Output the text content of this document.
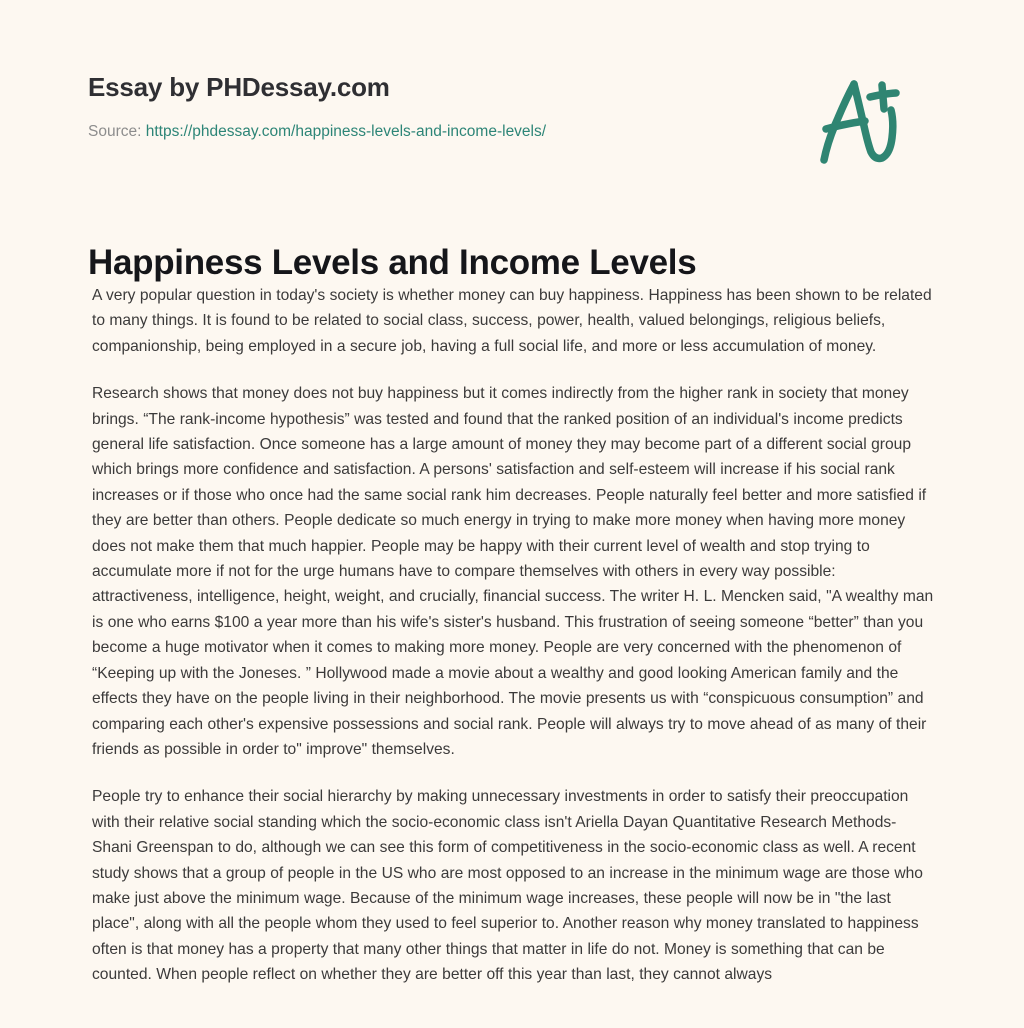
Essay by PHDessay.com
Source: https://phdessay.com/happiness-levels-and-income-levels/
Happiness Levels and Income Levels

A very popular question in today's society is whether money can buy happiness. Happiness has been shown to be related to many things. It is found to be related to social class, success, power, health, valued belongings, religious beliefs, companionship, being employed in a secure job, having a full social life, and more or less accumulation of money.

Research shows that money does not buy happiness but it comes indirectly from the higher rank in society that money brings. “The rank-income hypothesis” was tested and found that the ranked position of an individual's income predicts general life satisfaction. Once someone has a large amount of money they may become part of a different social group which brings more confidence and satisfaction. A persons' satisfaction and self-esteem will increase if his social rank increases or if those who once had the same social rank him decreases. People naturally feel better and more satisfied if they are better than others. People dedicate so much energy in trying to make more money when having more money does not make them that much happier. People may be happy with their current level of wealth and stop trying to accumulate more if not for the urge humans have to compare themselves with others in every way possible: attractiveness, intelligence, height, weight, and crucially, financial success. The writer H. L. Mencken said, "A wealthy man is one who earns $100 a year more than his wife's sister's husband. This frustration of seeing someone “better” than you become a huge motivator when it comes to making more money. People are very concerned with the phenomenon of “Keeping up with the Joneses. ” Hollywood made a movie about a wealthy and good looking American family and the effects they have on the people living in their neighborhood. The movie presents us with “conspicuous consumption” and comparing each other's expensive possessions and social rank. People will always try to move ahead of as many of their friends as possible in order to" improve" themselves.

People try to enhance their social hierarchy by making unnecessary investments in order to satisfy their preoccupation with their relative social standing which the socio-economic class isn't Ariella Dayan Quantitative Research Methods- Shani Greenspan to do, although we can see this form of competitiveness in the socio-economic class as well. A recent study shows that a group of people in the US who are most opposed to an increase in the minimum wage are those who make just above the minimum wage. Because of the minimum wage increases, these people will now be in "the last place", along with all the people whom they used to feel superior to. Another reason why money translated to happiness often is that money has a property that many other things that matter in life do not. Money is something that can be counted. When people reflect on whether they are better off this year than last, they cannot always
